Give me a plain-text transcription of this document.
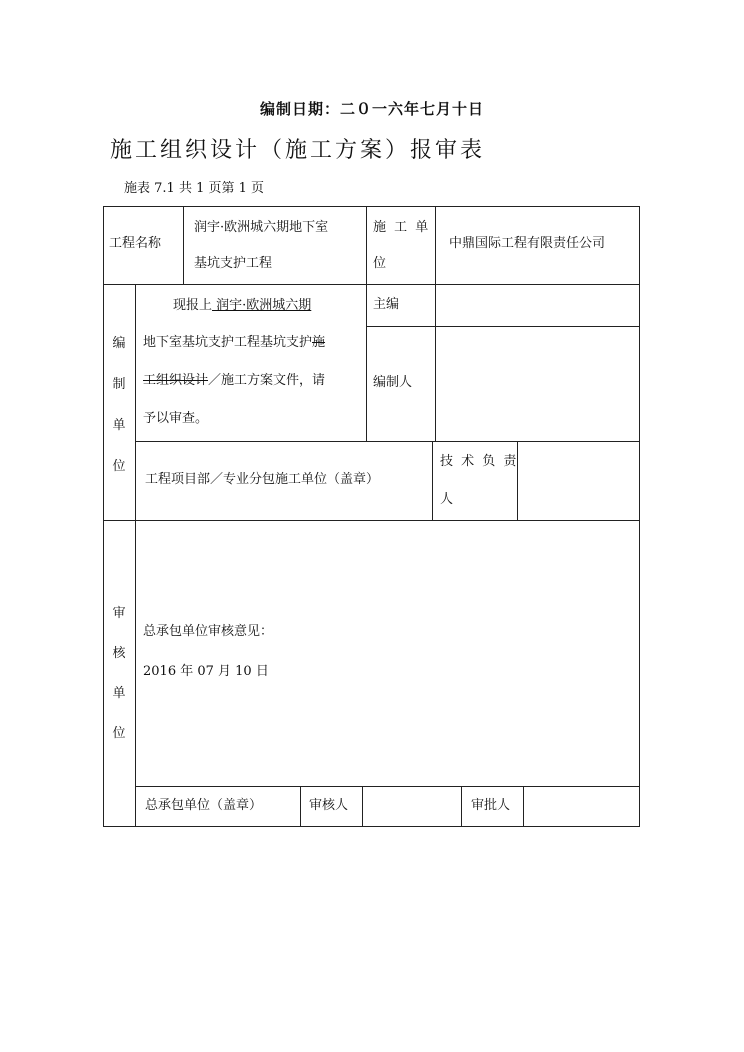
编制日期：二０一六年七月十日
施工组织设计（施工方案）报审表
施表 7.1 共 1 页第 1 页
工程名称
润宇·欧洲城六期地下室
基坑支护工程
施 工 单
位
中鼎国际工程有限责任公司
编
制
单
位
现报上 润宇·欧洲城六期
地下室基坑支护工程基坑支护施
工组织设计／施工方案文件，请
予以审查。
主编
编制人
工程项目部／专业分包施工单位（盖章）
技 术 负 责
人
审
核
单
位
总承包单位审核意见：
2016 年 07 月 10 日
总承包单位（盖章）	审核人	审批人
